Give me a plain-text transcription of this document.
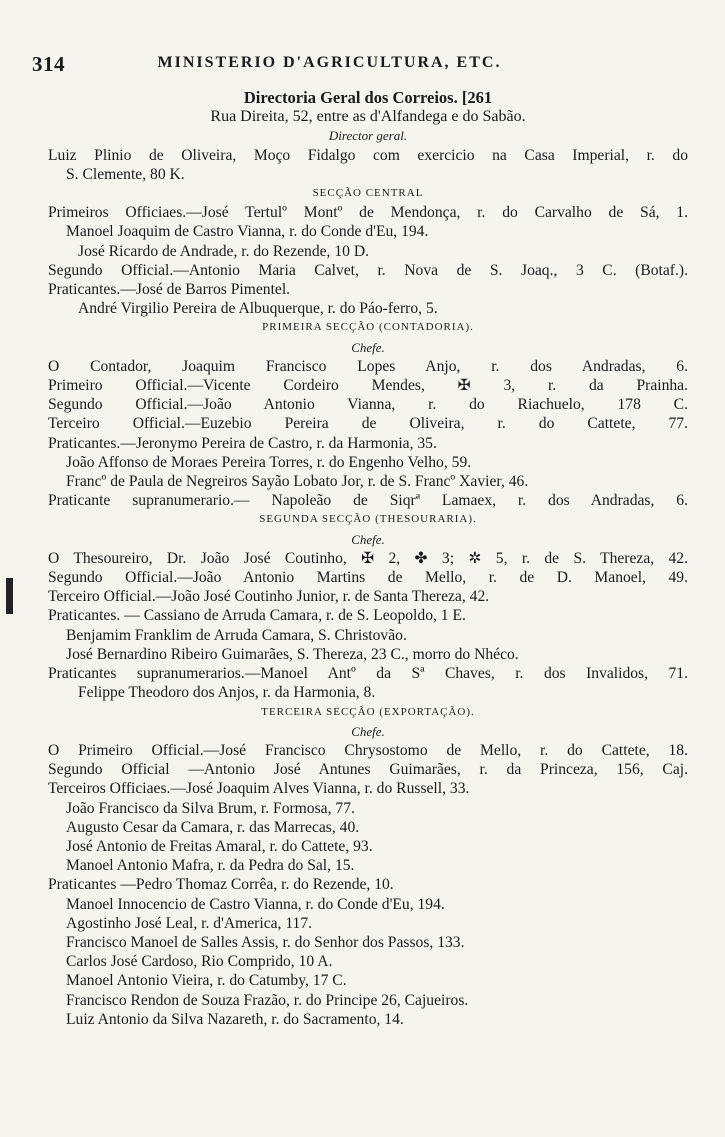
314	MINISTERIO D'AGRICULTURA, ETC.
Directoria Geral dos Correios. [261
Rua Direita, 52, entre as d'Alfandega e do Sabão.
Director geral.
Luiz Plinio de Oliveira, Moço Fidalgo com exercicio na Casa Imperial, r. do
S. Clemente, 80 K.
SECÇÃO CENTRAL
Primeiros Officiaes.—José Tertulº Montº de Mendonça, r. do Carvalho de Sá, 1.
Manoel Joaquim de Castro Vianna, r. do Conde d'Eu, 194.
José Ricardo de Andrade, r. do Rezende, 10 D.
Segundo Official.—Antonio Maria Calvet, r. Nova de S. Joaq., 3 C. (Botaf.).
Praticantes.—José de Barros Pimentel.
André Virgilio Pereira de Albuquerque, r. do Páo-ferro, 5.
PRIMEIRA SECÇÃO (CONTADORIA).
Chefe.
O Contador, Joaquim Francisco Lopes Anjo, r. dos Andradas, 6.
Primeiro Official.—Vicente Cordeiro Mendes, ✠ 3, r. da Prainha.
Segundo Official.—João Antonio Vianna, r. do Riachuelo, 178 C.
Terceiro Official.—Euzebio Pereira de Oliveira, r. do Cattete, 77.
Praticantes.—Jeronymo Pereira de Castro, r. da Harmonia, 35.
João Affonso de Moraes Pereira Torres, r. do Engenho Velho, 59.
Francº de Paula de Negreiros Sayão Lobato Jor, r. de S. Francº Xavier, 46.
Praticante supranumerario.— Napoleão de Siqrª Lamaex, r. dos Andradas, 6.
SEGUNDA SECÇÃO (THESOURARIA).
Chefe.
O Thesoureiro, Dr. João José Coutinho, ✠ 2, ✤ 3; ✲ 5, r. de S. Thereza, 42.
Segundo Official.—João Antonio Martins de Mello, r. de D. Manoel, 49.
Terceiro Official.—João José Coutinho Junior, r. de Santa Thereza, 42.
Praticantes. — Cassiano de Arruda Camara, r. de S. Leopoldo, 1 E.
Benjamim Franklim de Arruda Camara, S. Christovão.
José Bernardino Ribeiro Guimarães, S. Thereza, 23 C., morro do Nhéco.
Praticantes supranumerarios.—Manoel Antº da Sª Chaves, r. dos Invalidos, 71.
Felippe Theodoro dos Anjos, r. da Harmonia, 8.
TERCEIRA SECÇÃO (EXPORTAÇÃO).
Chefe.
O Primeiro Official.—José Francisco Chrysostomo de Mello, r. do Cattete, 18.
Segundo Official —Antonio José Antunes Guimarães, r. da Princeza, 156, Caj.
Terceiros Officiaes.—José Joaquim Alves Vianna, r. do Russell, 33.
João Francisco da Silva Brum, r. Formosa, 77.
Augusto Cesar da Camara, r. das Marrecas, 40.
José Antonio de Freitas Amaral, r. do Cattete, 93.
Manoel Antonio Mafra, r. da Pedra do Sal, 15.
Praticantes —Pedro Thomaz Corrêa, r. do Rezende, 10.
Manoel Innocencio de Castro Vianna, r. do Conde d'Eu, 194.
Agostinho José Leal, r. d'America, 117.
Francisco Manoel de Salles Assis, r. do Senhor dos Passos, 133.
Carlos José Cardoso, Rio Comprido, 10 A.
Manoel Antonio Vieira, r. do Catumby, 17 C.
Francisco Rendon de Souza Frazão, r. do Principe 26, Cajueiros.
Luiz Antonio da Silva Nazareth, r. do Sacramento, 14.
